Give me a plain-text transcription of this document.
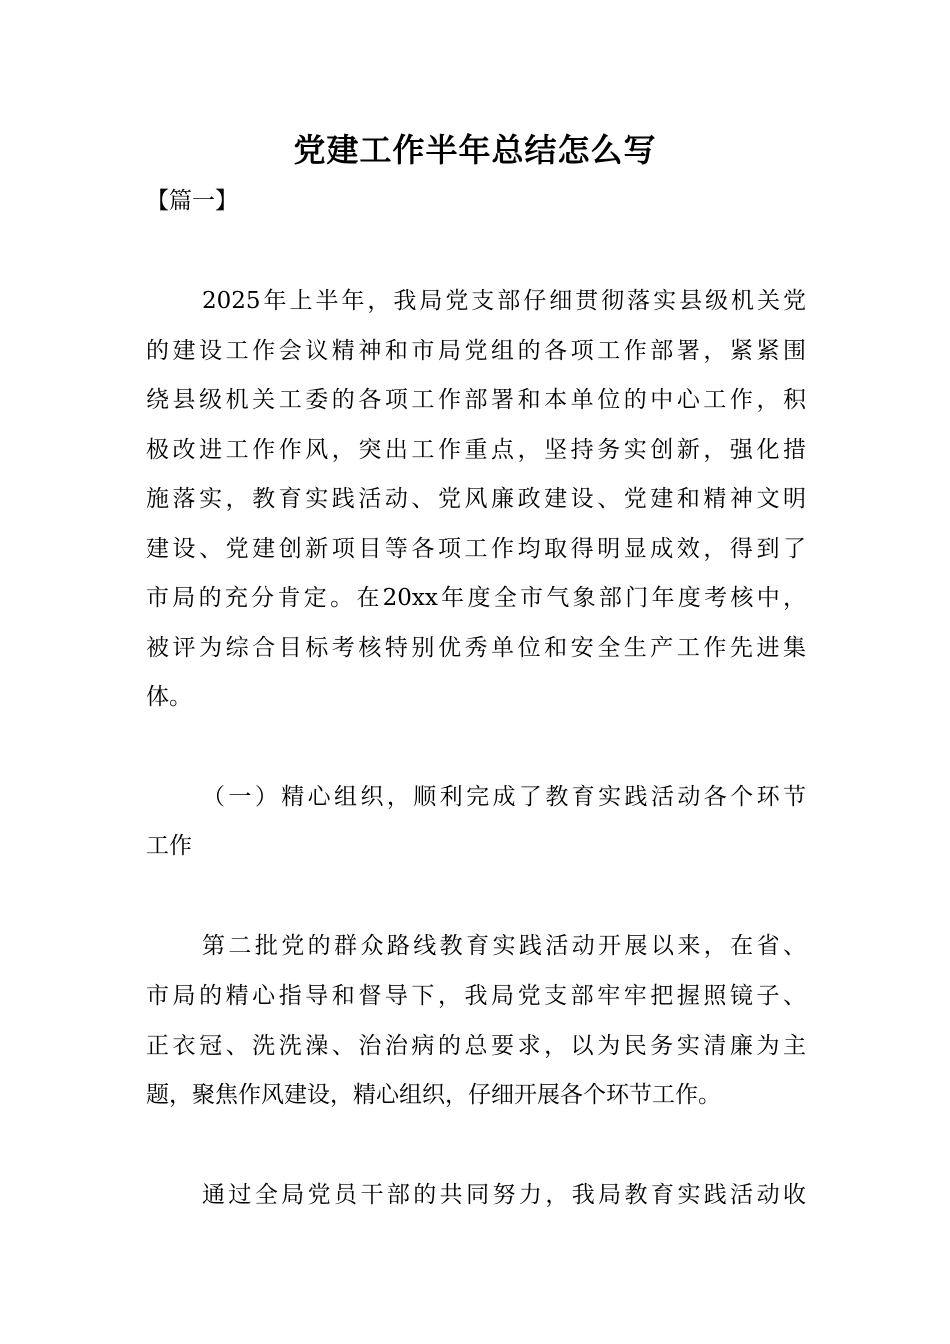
党建工作半年总结怎么写
【篇一】
2025年上半年，我局党支部仔细贯彻落实县级机关党
的建设工作会议精神和市局党组的各项工作部署，紧紧围
绕县级机关工委的各项工作部署和本单位的中心工作，积
极改进工作作风，突出工作重点，坚持务实创新，强化措
施落实，教育实践活动、党风廉政建设、党建和精神文明
建设、党建创新项目等各项工作均取得明显成效，得到了
市局的充分肯定。在20xx年度全市气象部门年度考核中，
被评为综合目标考核特别优秀单位和安全生产工作先进集
体。
（一）精心组织，顺利完成了教育实践活动各个环节
工作
第二批党的群众路线教育实践活动开展以来，在省、
市局的精心指导和督导下，我局党支部牢牢把握照镜子、
正衣冠、洗洗澡、治治病的总要求，以为民务实清廉为主
题，聚焦作风建设，精心组织，仔细开展各个环节工作。
通过全局党员干部的共同努力，我局教育实践活动收
